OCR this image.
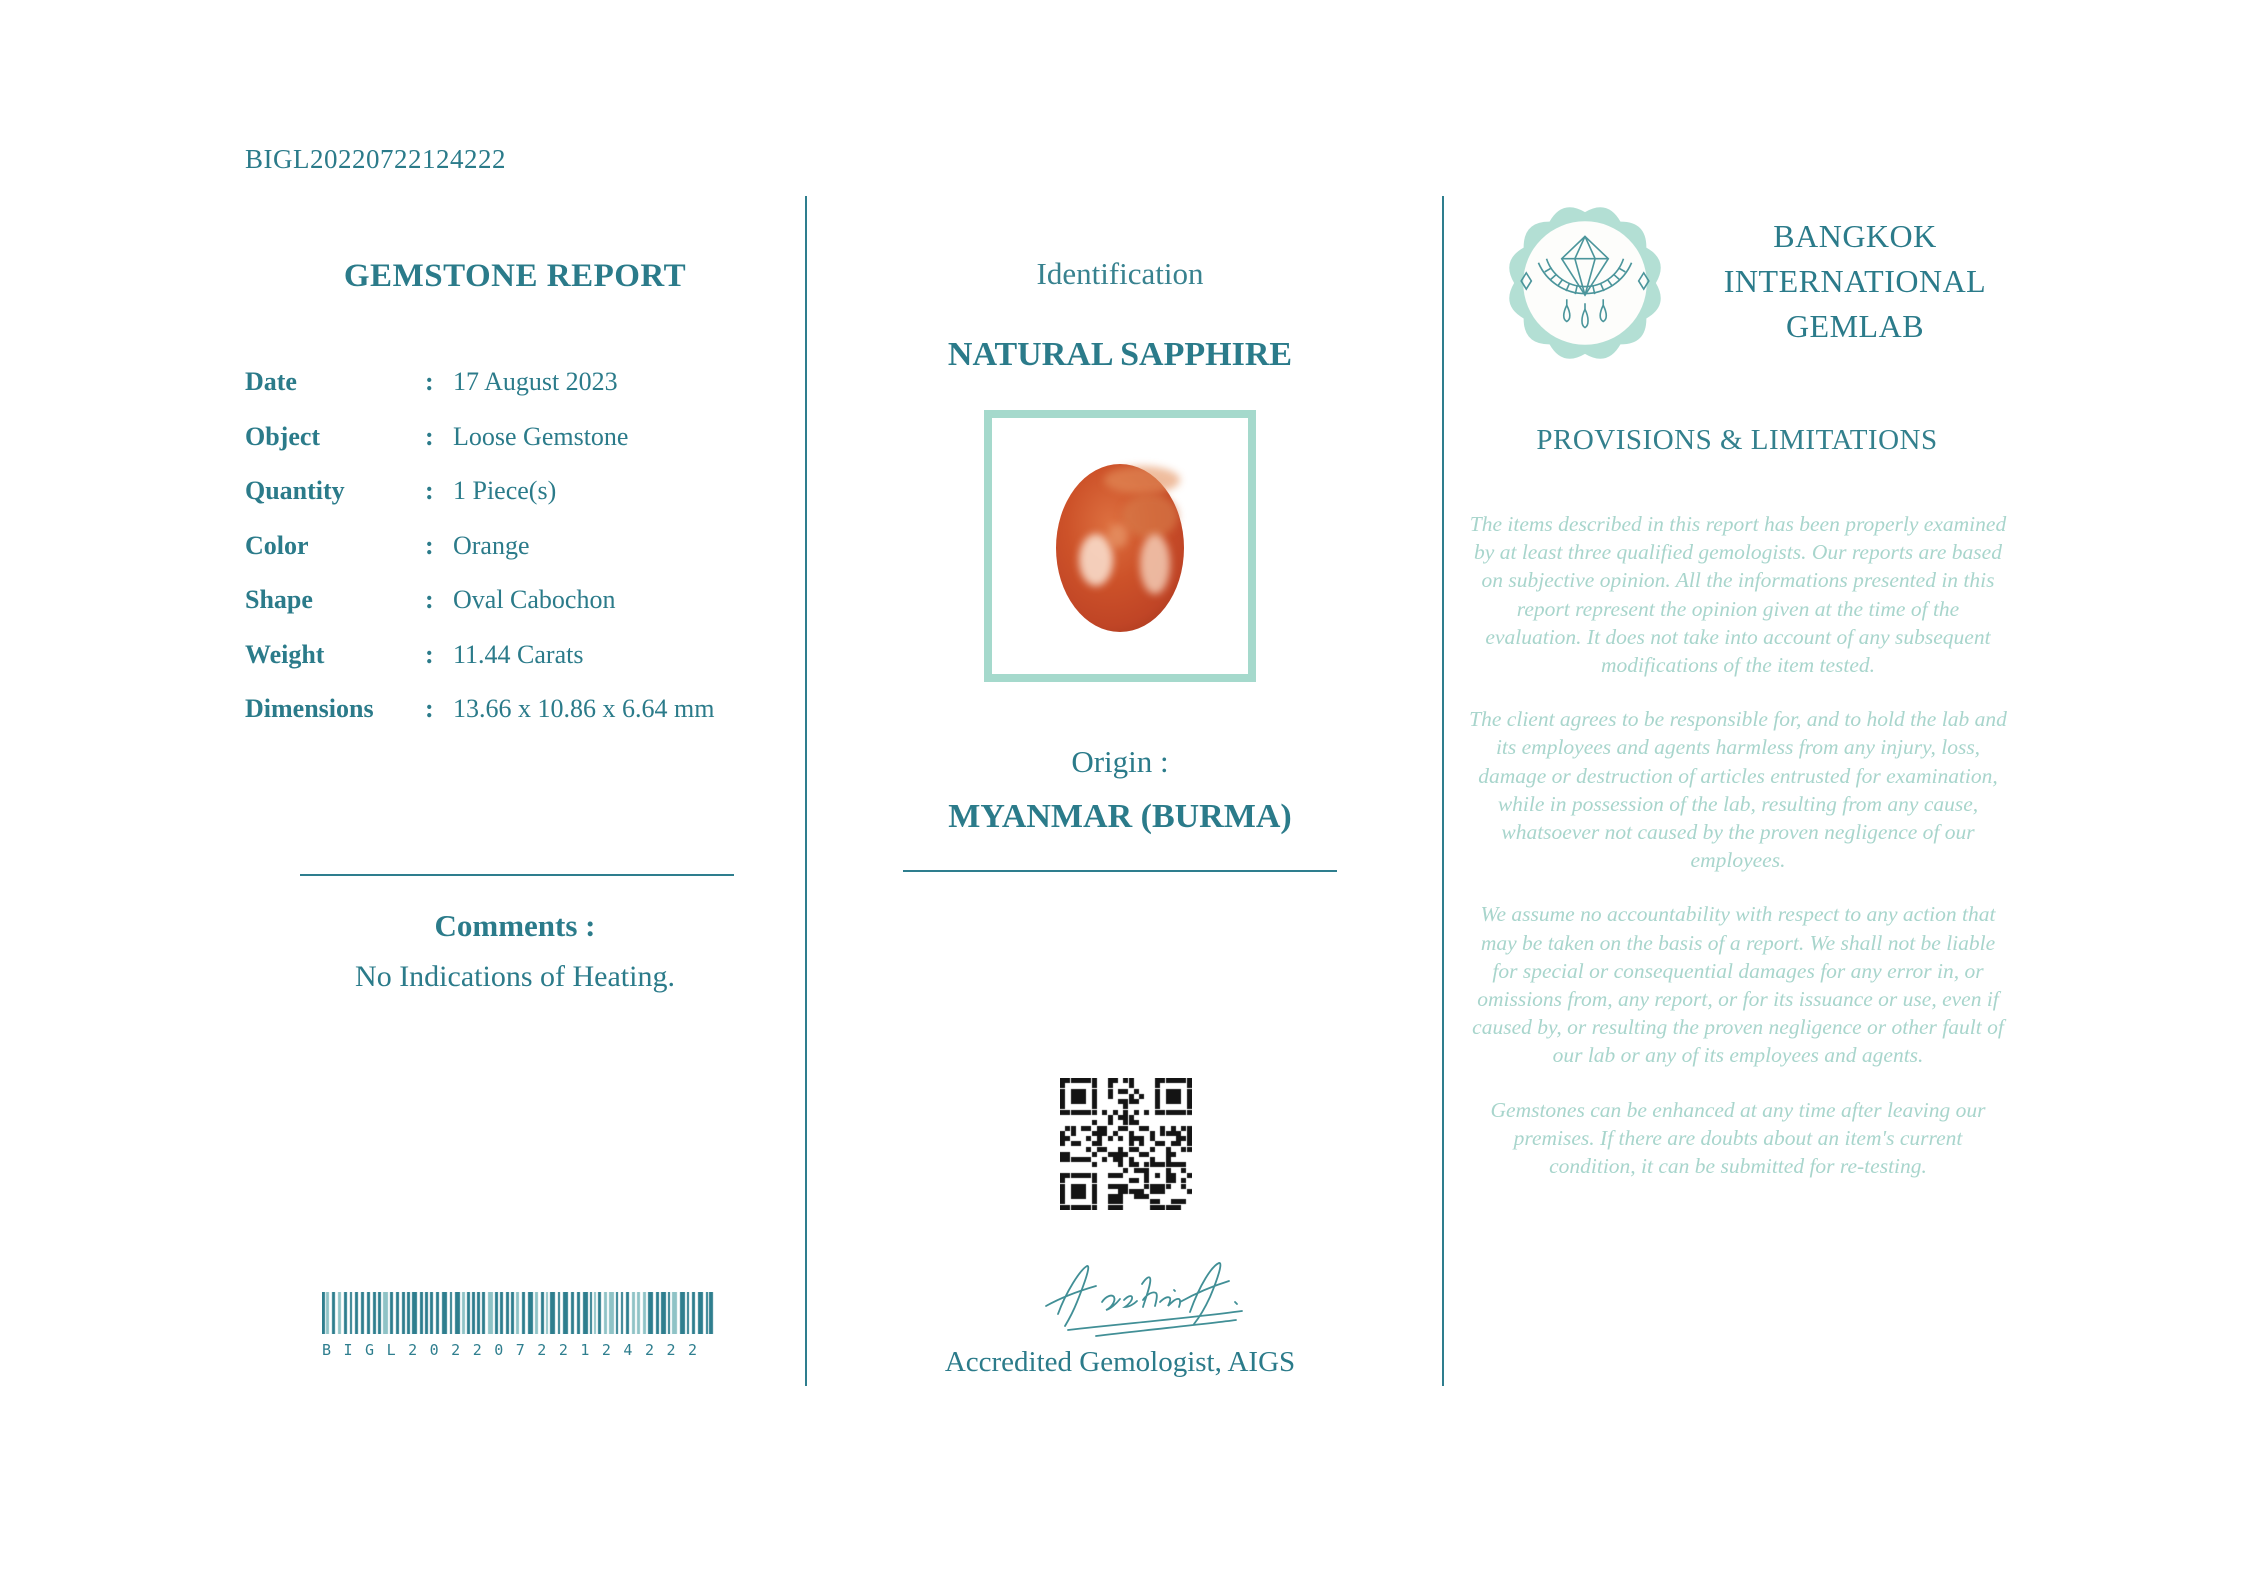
BIGL20220722124222
GEMSTONE REPORT
Date	: 17 August 2023
Object	: Loose Gemstone
Quantity	: 1 Piece(s)
Color	: Orange
Shape	: Oval Cabochon
Weight	: 11.44 Carats
Dimensions	: 13.66 x 10.86 x 6.64 mm
Comments :
No Indications of Heating.
BIGL20220722124222
Identification
NATURAL SAPPHIRE
Origin :
MYANMAR (BURMA)
Accredited Gemologist, AIGS
BANGKOK
INTERNATIONAL
GEMLAB
PROVISIONS & LIMITATIONS

The items described in this report has been properly examined by at least three qualified gemologists. Our reports are based on subjective opinion. All the informations presented in this report represent the opinion given at the time of the evaluation. It does not take into account of any subsequent modifications of the item tested.

The client agrees to be responsible for, and to hold the lab and its employees and agents harmless from any injury, loss, damage or destruction of articles entrusted for examination, while in possession of the lab, resulting from any cause, whatsoever not caused by the proven negligence of our employees.

We assume no accountability with respect to any action that may be taken on the basis of a report. We shall not be liable for special or consequential damages for any error in, or omissions from, any report, or for its issuance or use, even if caused by, or resulting the proven negligence or other fault of our lab or any of its employees and agents.

Gemstones can be enhanced at any time after leaving our premises. If there are doubts about an item's current condition, it can be submitted for re-testing.
